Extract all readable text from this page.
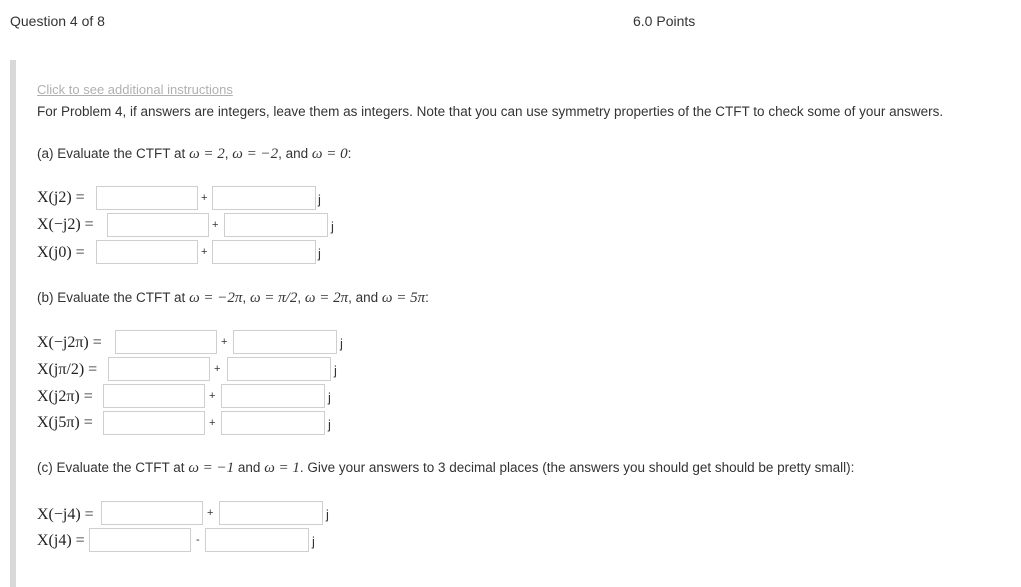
Question 4 of 8	6.0 Points
Click to see additional instructions
For Problem 4, if answers are integers, leave them as integers. Note that you can use symmetry properties of the CTFT to check some of your answers.
(a) Evaluate the CTFT at ω = 2, ω = −2, and ω = 0:
X(j2) =	+	j
X(−j2) =	+	j
X(j0) =	+	j
(b) Evaluate the CTFT at ω = −2π, ω = π/2, ω = 2π, and ω = 5π:
X(−j2π) =	+	j
X(jπ/2) =	+	j
X(j2π) =	+	j
X(j5π) =	+	j
(c) Evaluate the CTFT at ω = −1 and ω = 1. Give your answers to 3 decimal places (the answers you should get should be pretty small):
X(−j4) =	+	j
X(j4) =	-	j
